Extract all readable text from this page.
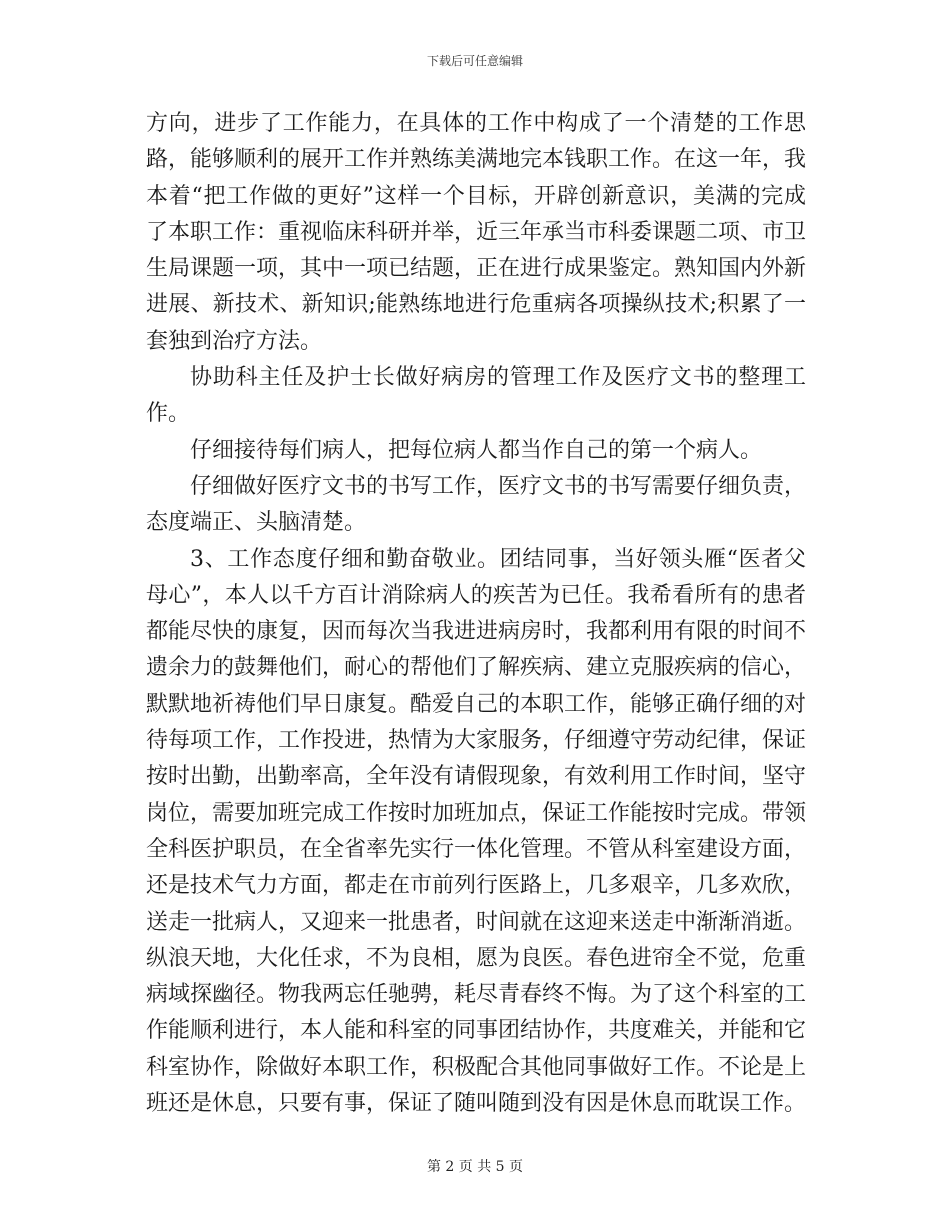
下载后可任意编辑

方向，进步了工作能力，在具体的工作中构成了一个清楚的工作思路，能够顺利的展开工作并熟练美满地完本钱职工作。在这一年，我本着“把工作做的更好”这样一个目标，开辟创新意识，美满的完成了本职工作：重视临床科研并举，近三年承当市科委课题二项、市卫生局课题一项，其中一项已结题，正在进行成果鉴定。熟知国内外新进展、新技术、新知识;能熟练地进行危重病各项操纵技术;积累了一套独到治疗方法。

协助科主任及护士长做好病房的管理工作及医疗文书的整理工作。

仔细接待每们病人，把每位病人都当作自己的第一个病人。

仔细做好医疗文书的书写工作，医疗文书的书写需要仔细负责，态度端正、头脑清楚。

3、工作态度仔细和勤奋敬业。团结同事，当好领头雁“医者父母心”，本人以千方百计消除病人的疾苦为已任。我希看所有的患者都能尽快的康复，因而每次当我进进病房时，我都利用有限的时间不遗余力的鼓舞他们，耐心的帮他们了解疾病、建立克服疾病的信心，默默地祈祷他们早日康复。酷爱自己的本职工作，能够正确仔细的对待每项工作，工作投进，热情为大家服务，仔细遵守劳动纪律，保证按时出勤，出勤率高，全年没有请假现象，有效利用工作时间，坚守岗位，需要加班完成工作按时加班加点，保证工作能按时完成。带领全科医护职员，在全省率先实行一体化管理。不管从科室建设方面，还是技术气力方面，都走在市前列行医路上，几多艰辛，几多欢欣，送走一批病人，又迎来一批患者，时间就在这迎来送走中渐渐消逝。纵浪天地，大化任求，不为良相，愿为良医。春色进帘全不觉，危重病域探幽径。物我两忘任驰骋，耗尽青春终不悔。为了这个科室的工作能顺利进行，本人能和科室的同事团结协作，共度难关，并能和它科室协作，除做好本职工作，积极配合其他同事做好工作。不论是上班还是休息，只要有事，保证了随叫随到没有因是休息而耽误工作。

第 2 页 共 5 页
